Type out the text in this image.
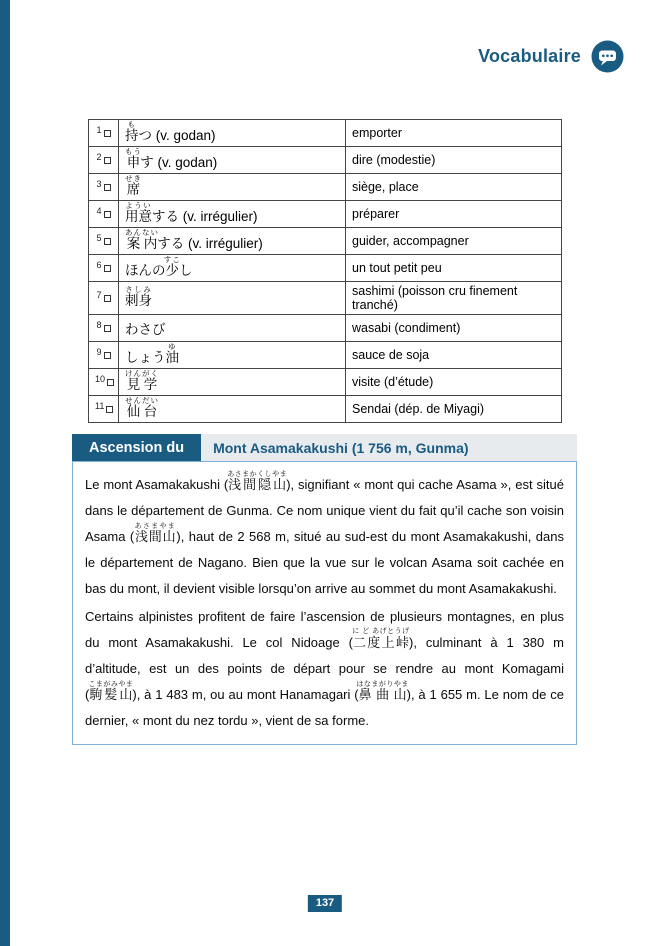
Vocabulaire
$^1$	持もつ (v. godan)	emporter
$^2$	申もうす (v. godan)	dire (modestie)
$^3$	席せき	siège, place
$^4$	用意よういする (v. irrégulier)	préparer
$^5$	案内あんないする (v. irrégulier)	guider, accompagner
$^6$	ほんの少すこし	un tout petit peu
$^7$	刺身さしみ	sashimi (poisson cru finement tranché)
$^8$	わさび	wasabi (condiment)
$^9$	しょう油ゆ	sauce de soja
$^{10}$	見学けんがく	visite (d’étude)
$^{11}$	仙台せんだい	Sendai (dép. de Miyagi)
Ascension du	Mont Asamakakushi (1 756 m, Gunma)

Le mont Asamakakushi (浅間隠山あさまかくしやま), signifiant « mont qui cache Asama », est situé dans le département de Gunma. Ce nom unique vient du fait qu’il cache son voisin Asama (浅間山あさまやま), haut de 2 568 m, situé au sud-est du mont Asamakakushi, dans le département de Nagano. Bien que la vue sur le volcan Asama soit cachée en bas du mont, il devient visible lorsqu’on arrive au sommet du mont Asamakakushi.

Certains alpinistes profitent de faire l’ascension de plusieurs montagnes, en plus du mont Asamakakushi. Le col Nidoage (二度上峠に ど あげとうげ), culminant à 1 380 m d’altitude, est un des points de départ pour se rendre au mont Komagami (駒髪山こまがみやま), à 1 483 m, ou au mont Hanamagari (鼻曲山はなまがりやま), à 1 655 m. Le nom de ce dernier, « mont du nez tordu », vient de sa forme.

137
